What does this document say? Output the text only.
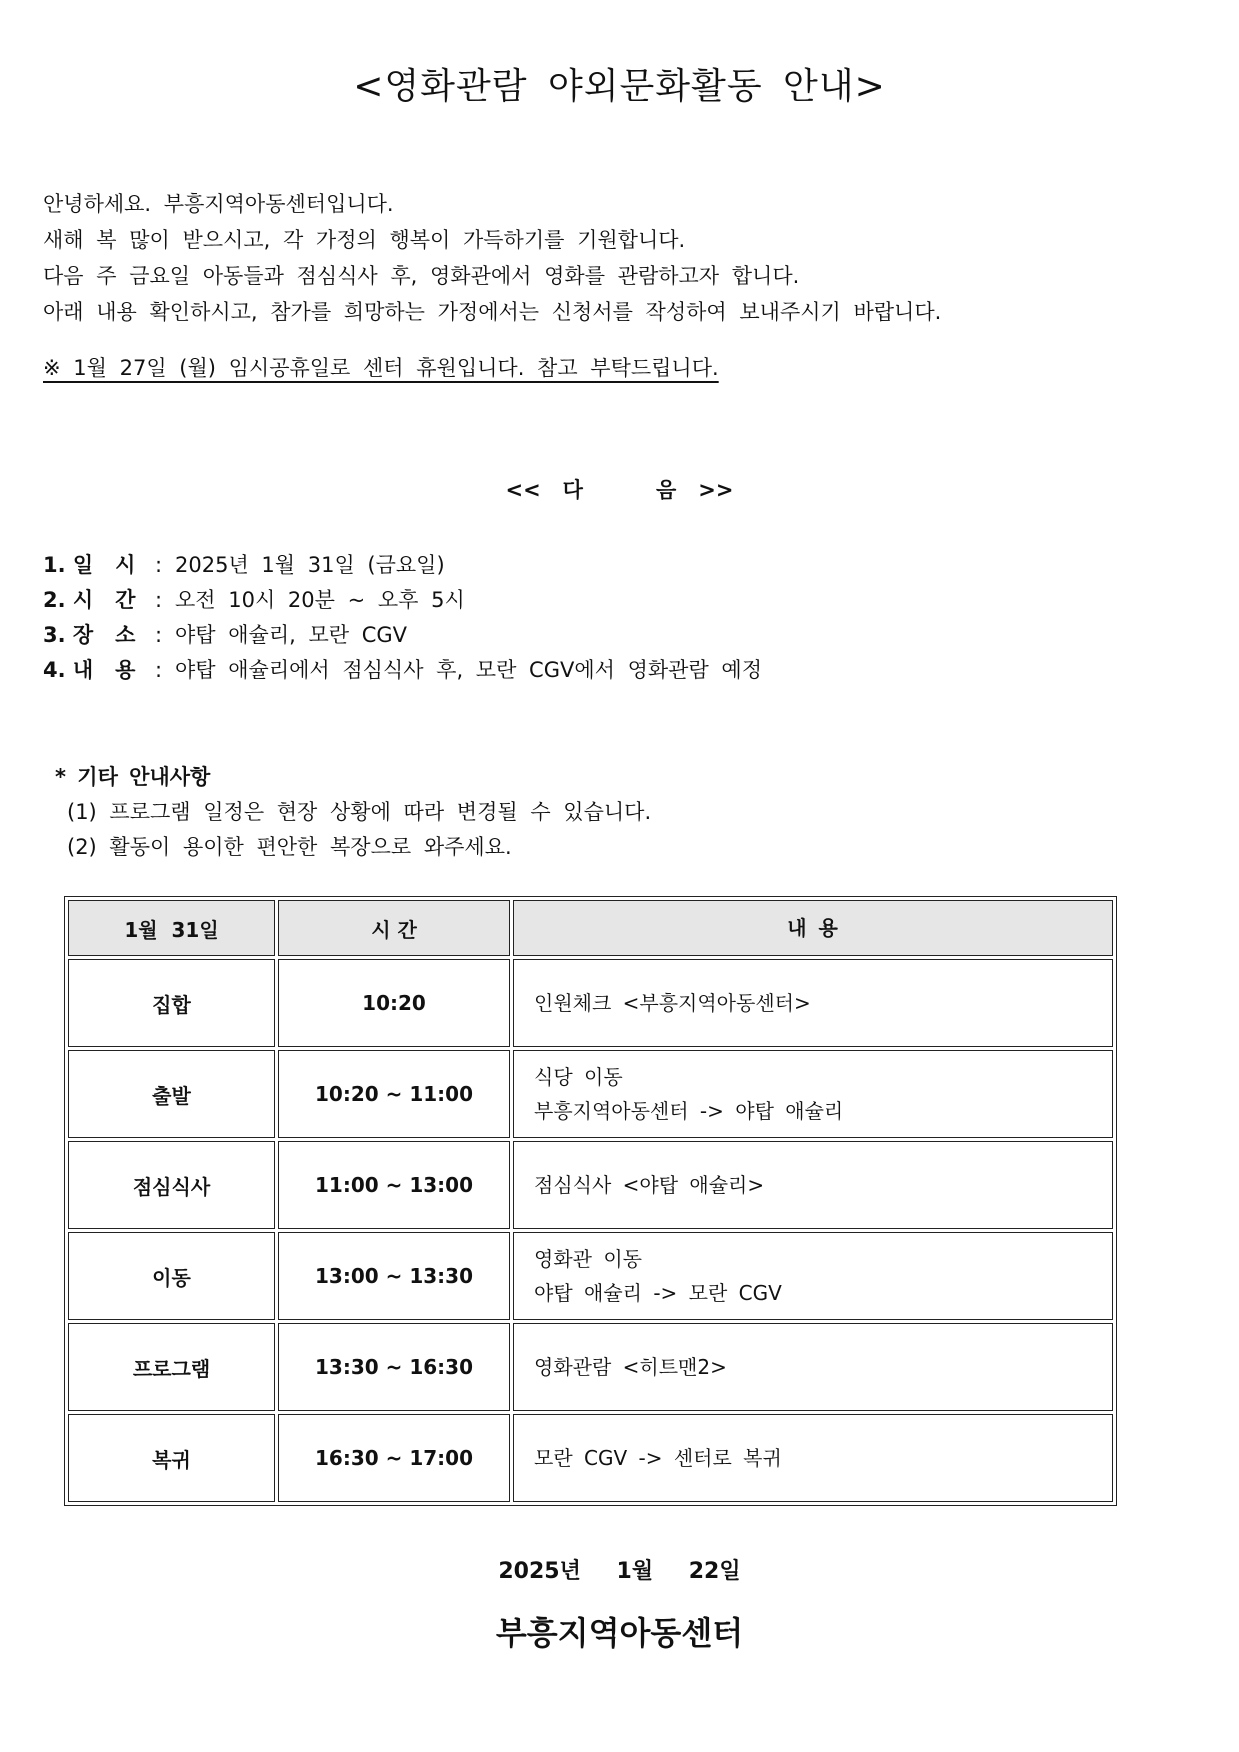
<영화관람 야외문화활동 안내>
안녕하세요. 부흥지역아동센터입니다.
새해 복 많이 받으시고, 각 가정의 행복이 가득하기를 기원합니다.
다음 주 금요일 아동들과 점심식사 후, 영화관에서 영화를 관람하고자 합니다.
아래 내용 확인하시고, 참가를 희망하는 가정에서는 신청서를 작성하여 보내주시기 바랍니다.
※ 1월 27일 (월) 임시공휴일로 센터 휴원입니다. 참고 부탁드립니다.
<<   다          음   >>
1. 일   시 : 2025년 1월 31일 (금요일)
2. 시   간 : 오전 10시 20분 ~ 오후 5시
3. 장   소 : 야탑 애슐리, 모란 CGV
4. 내   용 : 야탑 애슐리에서 점심식사 후, 모란 CGV에서 영화관람 예정
* 기타 안내사항
(1) 프로그램 일정은 현장 상황에 따라 변경될 수 있습니다.
(2) 활동이 용이한 편안한 복장으로 와주세요.
1월  31일	시 간	내 용
집합	10:20	인원체크 <부흥지역아동센터>

출발	10:20 ~ 11:00	식당 이동
부흥지역아동센터 -> 야탑 애슐리

점심식사	11:00 ~ 13:00	점심식사 <야탑 애슐리>

이동	13:00 ~ 13:30	영화관 이동
야탑 애슐리 -> 모란 CGV

프로그램	13:30 ~ 16:30	영화관람 <히트맨2>

복귀	16:30 ~ 17:00	모란 CGV -> 센터로 복귀
2025년 1월 22일
부흥지역아동센터
